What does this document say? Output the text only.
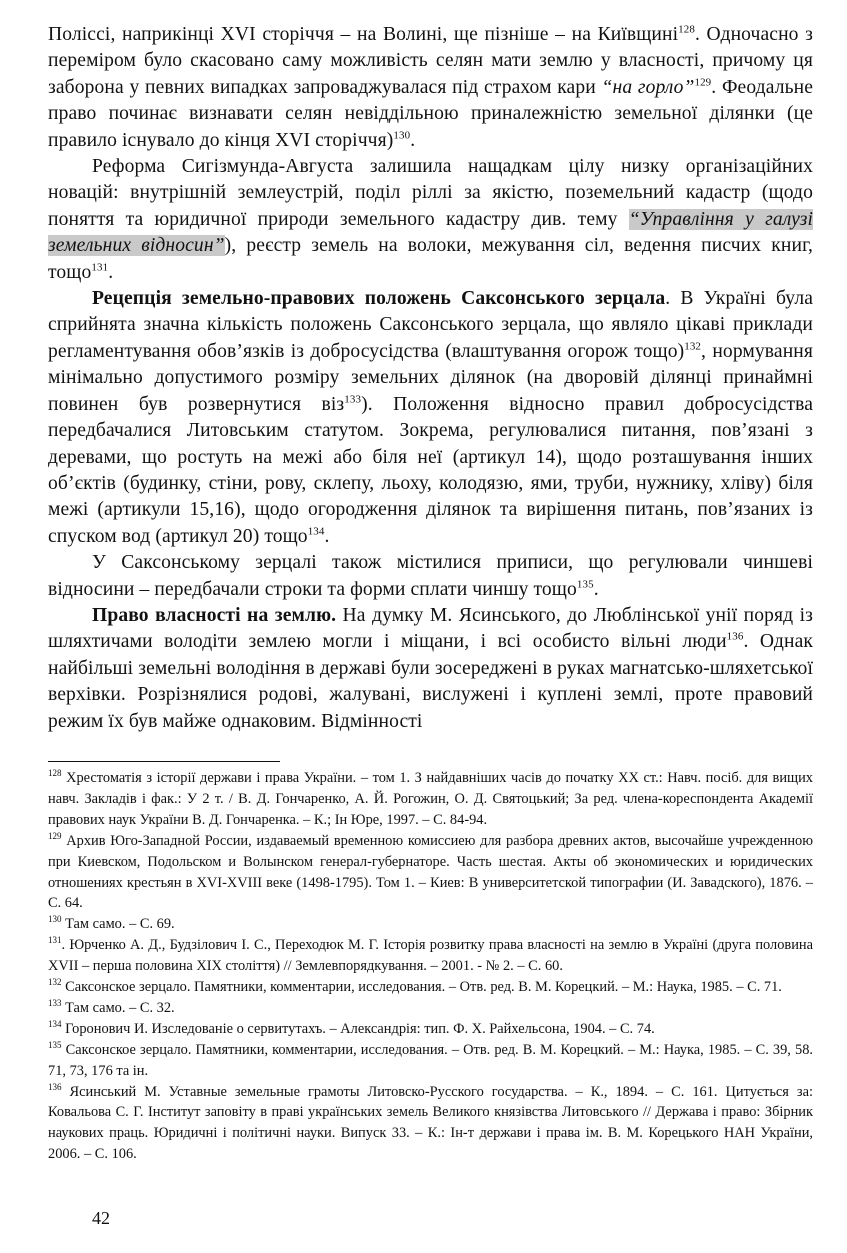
Поліссі, наприкінці XVI сторіччя – на Волині, ще пізніше – на Київщині$^{128}$. Одночасно з переміром було скасовано саму можливість селян мати землю у власності, причому ця заборона у певних випадках запроваджувалася під страхом кари “на горло”$^{129}$. Феодальне право починає визнавати селян невіддільною приналежністю земельної ділянки (це правило існувало до кінця XVI сторіччя)$^{130}$.

Реформа Сигізмунда-Августа залишила нащадкам цілу низку організаційних новацій: внутрішній землеустрій, поділ ріллі за якістю, поземельний кадастр (щодо поняття та юридичної природи земельного кадастру див. тему “Управління у галузі земельних відносин”), реєстр земель на волоки, межування сіл, ведення писчих книг, тощо$^{131}$.

Рецепція земельно-правових положень Саксонського зерцала. В Україні була сприйнята значна кількість положень Саксонського зерцала, що являло цікаві приклади регламентування обов’язків із добросусідства (влаштування огорож тощо)$^{132}$, нормування мінімально допустимого розміру земельних ділянок (на дворовій ділянці принаймні повинен був розвернутися віз$^{133}$). Положення відносно правил добросусідства передбачалися Литовським статутом. Зокрема, регулювалися питання, пов’язані з деревами, що ростуть на межі або біля неї (артикул 14), щодо розташування інших об’єктів (будинку, стіни, рову, склепу, льоху, колодязю, ями, труби, нужнику, хліву) біля межі (артикули 15,16), щодо огородження ділянок та вирішення питань, пов’язаних із спуском вод (артикул 20) тощо$^{134}$.

У Саксонському зерцалі також містилися приписи, що регулювали чиншеві відносини – передбачали строки та форми сплати чиншу тощо$^{135}$.

Право власності на землю. На думку М. Ясинського, до Люблінської унії поряд із шляхтичами володіти землею могли і міщани, і всі особисто вільні люди$^{136}$. Однак найбільші земельні володіння в державі були зосереджені в руках магнатсько-шляхетської верхівки. Розрізнялися родові, жалувані, вислужені і куплені землі, проте правовий режим їх був майже однаковим. Відмінності

$^{128}$ Хрестоматія з історії держави і права України. – том 1. З найдавніших часів до початку XX ст.: Навч. посіб. для вищих навч. Закладів і фак.: У 2 т. / В. Д. Гончаренко, А. Й. Рогожин, О. Д. Святоцький; За ред. члена-кореспондента Академії правових наук України В. Д. Гончаренка. – К.; Ін Юре, 1997. – С. 84-94.

$^{129}$ Архив Юго-Западной России, издаваемый временною комиссиею для разбора древних актов, высочайше учрежденною при Киевском, Подольском и Волынском генерал-губернаторе. Часть шестая. Акты об экономических и юридических отношениях крестьян в XVI-XVIII веке (1498-1795). Том 1. – Киев: В университетской типографии (И. Завадского), 1876. – С. 64.

$^{130}$ Там само. – С. 69.

$^{131}$. Юрченко А. Д., Будзілович І. С., Переходюк М. Г. Історія розвитку права власності на землю в Україні (друга половина XVII – перша половина XIX століття) // Землевпорядкування. – 2001. - № 2. – С. 60.

$^{132}$ Саксонское зерцало. Памятники, комментарии, исследования. – Отв. ред. В. М. Корецкий. – М.: Наука, 1985. – С. 71.

$^{133}$ Там само. – С. 32.

$^{134}$ Горонович И. Изследованіе о сервитутахъ. – Александрія: тип. Ф. Х. Райхельсона, 1904. – С. 74.

$^{135}$ Саксонское зерцало. Памятники, комментарии, исследования. – Отв. ред. В. М. Корецкий. – М.: Наука, 1985. – С. 39, 58. 71, 73, 176 та ін.

$^{136}$ Ясинський М. Уставные земельные грамоты Литовско-Русского государства. – К., 1894. – С. 161. Цитується за: Ковальова С. Г. Інститут заповіту в праві українських земель Великого князівства Литовського // Держава і право: Збірник наукових праць. Юридичні і політичні науки. Випуск 33. – К.: Ін-т держави і права ім. В. М. Корецького НАН України, 2006. – С. 106.

42
